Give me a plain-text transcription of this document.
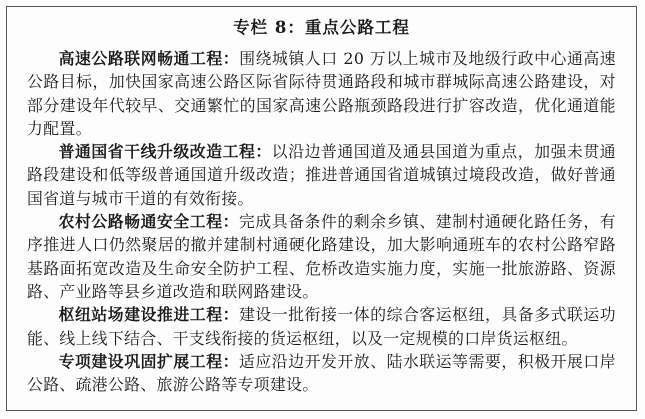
专栏 8：重点公路工程

高速公路联网畅通工程：围绕城镇人口 20 万以上城市及地级行政中心通高速公路目标，加快国家高速公路区际省际待贯通路段和城市群城际高速公路建设，对部分建设年代较早、交通繁忙的国家高速公路瓶颈路段进行扩容改造，优化通道能力配置。

普通国省干线升级改造工程：以沿边普通国道及通县国道为重点，加强未贯通路段建设和低等级普通国道升级改造；推进普通国省道城镇过境段改造，做好普通国省道与城市干道的有效衔接。

农村公路畅通安全工程：完成具备条件的剩余乡镇、建制村通硬化路任务，有序推进人口仍然聚居的撤并建制村通硬化路建设，加大影响通班车的农村公路窄路基路面拓宽改造及生命安全防护工程、危桥改造实施力度，实施一批旅游路、资源路、产业路等县乡道改造和联网路建设。

枢纽站场建设推进工程：建设一批衔接一体的综合客运枢纽，具备多式联运功能、线上线下结合、干支线衔接的货运枢纽，以及一定规模的口岸货运枢纽。

专项建设巩固扩展工程：适应沿边开发开放、陆水联运等需要，积极开展口岸公路、疏港公路、旅游公路等专项建设。
